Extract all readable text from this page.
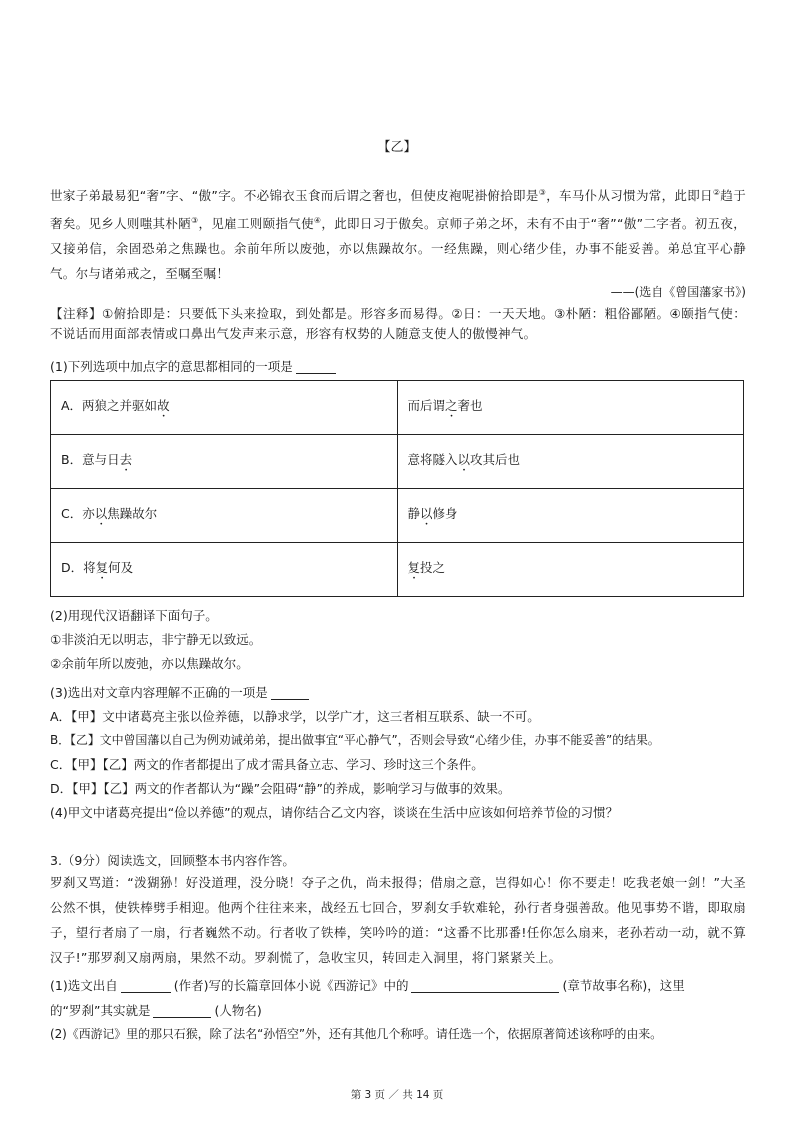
【乙】

世家子弟最易犯“奢”字、“傲”字。不必锦衣玉食而后谓之奢也，但使皮袍呢褂俯拾即是③，车马仆从习惯为常，此即日②趋于奢矣。见乡人则嗤其朴陋③，见雇工则颐指气使④，此即日习于傲矣。京师子弟之坏，未有不由于“奢”“傲”二字者。初五夜，又接弟信，余固恐弟之焦躁也。余前年所以废弛，亦以焦躁故尔。一经焦躁，则心绪少佳，办事不能妥善。弟总宜平心静气。尔与诸弟戒之，至嘱至嘱！

——(选自《曾国藩家书》)

【注释】①俯拾即是：只要低下头来捡取，到处都是。形容多而易得。②日：一天天地。③朴陋：粗俗鄙陋。④颐指气使：不说话而用面部表情或口鼻出气发声来示意，形容有权势的人随意支使人的傲慢神气。

(1)下列选项中加点字的意思都相同的一项是
A．两狼之并驱如故	而后谓之奢也
B．意与日去	意将隧入以攻其后也
C．亦以焦躁故尔	静以修身
D．将复何及	复投之
(2)用现代汉语翻译下面句子。
①非淡泊无以明志，非宁静无以致远。
②余前年所以废弛，亦以焦躁故尔。
(3)选出对文章内容理解不正确的一项是
A．【甲】文中诸葛亮主张以俭养德，以静求学，以学广才，这三者相互联系、缺一不可。
B．【乙】文中曾国藩以自己为例劝诫弟弟，提出做事宜“平心静气”，否则会导致“心绪少佳，办事不能妥善”的结果。
C．【甲】【乙】两文的作者都提出了成才需具备立志、学习、珍时这三个条件。
D．【甲】【乙】两文的作者都认为“躁”会阻碍“静”的养成，影响学习与做事的效果。
(4)甲文中诸葛亮提出“俭以养德”的观点，请你结合乙文内容，谈谈在生活中应该如何培养节俭的习惯？
3.（9分）阅读选文，回顾整本书内容作答。

罗刹又骂道：“泼猢狲！好没道理，没分晓！夺子之仇，尚未报得；借扇之意，岂得如心！你不要走！吃我老娘一剑！”大圣公然不惧，使铁棒劈手相迎。他两个往往来来，战经五七回合，罗刹女手软难轮，孙行者身强善敌。他见事势不谐，即取扇子，望行者扇了一扇，行者巍然不动。行者收了铁棒，笑吟吟的道：“这番不比那番!任你怎么扇来，老孙若动一动，就不算汉子!”那罗刹又扇两扇，果然不动。罗刹慌了，急收宝贝，转回走入洞里，将门紧紧关上。

(1)选文出自	(作者)写的长篇章回体小说《西游记》中的	(章节故事名称)，这里
的“罗刹”其实就是	(人物名)
(2)《西游记》里的那只石猴，除了法名“孙悟空”外，还有其他几个称呼。请任选一个，依据原著简述该称呼的由来。
第 3 页 ／ 共 14 页
